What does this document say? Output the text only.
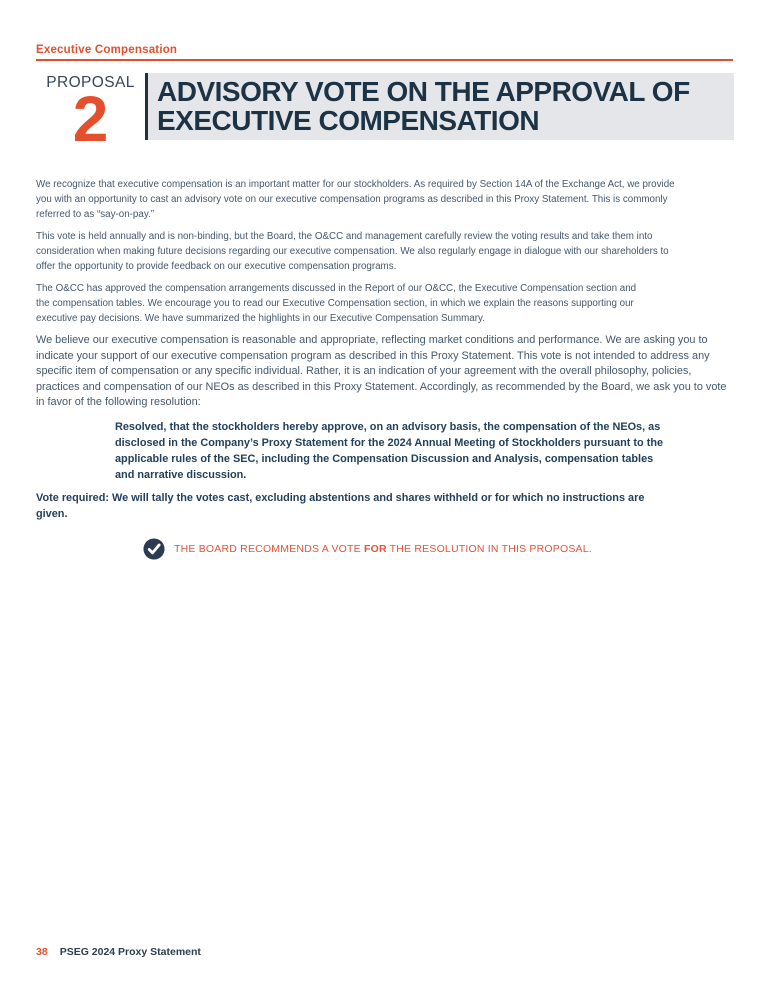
Executive Compensation
PROPOSAL
2	ADVISORY VOTE ON THE APPROVAL OF
EXECUTIVE COMPENSATION

We recognize that executive compensation is an important matter for our stockholders. As required by Section 14A of the Exchange Act, we provide you with an opportunity to cast an advisory vote on our executive compensation programs as described in this Proxy Statement. This is commonly referred to as “say-on-pay.”

This vote is held annually and is non-binding, but the Board, the O&CC and management carefully review the voting results and take them into consideration when making future decisions regarding our executive compensation. We also regularly engage in dialogue with our shareholders to offer the opportunity to provide feedback on our executive compensation programs.

The O&CC has approved the compensation arrangements discussed in the Report of our O&CC, the Executive Compensation section and the compensation tables. We encourage you to read our Executive Compensation section, in which we explain the reasons supporting our executive pay decisions. We have summarized the highlights in our Executive Compensation Summary.

We believe our executive compensation is reasonable and appropriate, reflecting market conditions and performance. We are asking you to indicate your support of our executive compensation program as described in this Proxy Statement. This vote is not intended to address any specific item of compensation or any specific individual. Rather, it is an indication of your agreement with the overall philosophy, policies, practices and compensation of our NEOs as described in this Proxy Statement. Accordingly, as recommended by the Board, we ask you to vote in favor of the following resolution:

Resolved, that the stockholders hereby approve, on an advisory basis, the compensation of the NEOs, as disclosed in the Company’s Proxy Statement for the 2024 Annual Meeting of Stockholders pursuant to the applicable rules of the SEC, including the Compensation Discussion and Analysis, compensation tables and narrative discussion.

Vote required: We will tally the votes cast, excluding abstentions and shares withheld or for which no instructions are given.

THE BOARD RECOMMENDS A VOTE FOR THE RESOLUTION IN THIS PROPOSAL.
38 PSEG 2024 Proxy Statement
